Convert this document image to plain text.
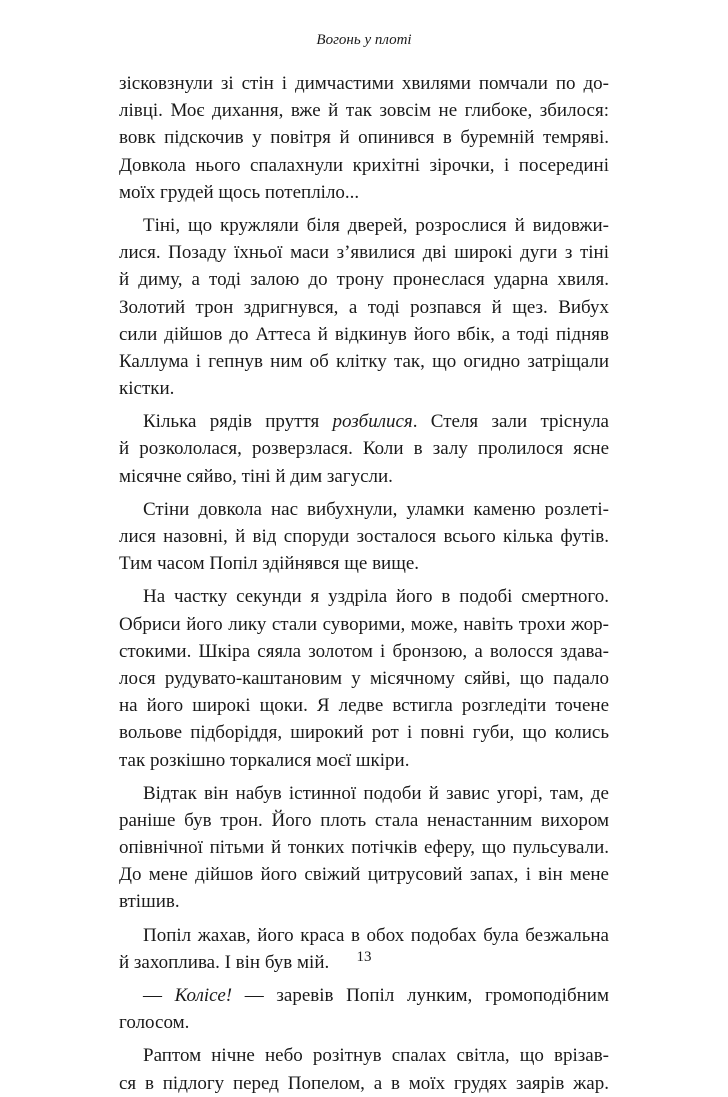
Вогонь у плоті
зісковзнули зі стін і димчастими хвилями помчали по до-
лівці. Моє дихання, вже й так зовсім не глибоке, збилося:
вовк підскочив у повітря й опинився в буремній темряві.
Довкола нього спалахнули крихітні зірочки, і посередині
моїх грудей щось потепліло...
Тіні, що кружляли біля дверей, розрослися й видовжи-
лися. Позаду їхньої маси з’явилися дві широкі дуги з тіні
й диму, а тоді залою до трону пронеслася ударна хвиля.
Золотий трон здригнувся, а тоді розпався й щез. Вибух
сили дійшов до Аттеса й відкинув його вбік, а тоді підняв
Каллума і гепнув ним об клітку так, що огидно затріщали
кістки.
Кілька рядів пруття розбилися. Стеля зали тріснула
й розкололася, розверзлася. Коли в залу пролилося ясне
місячне сяйво, тіні й дим загусли.
Стіни довкола нас вибухнули, уламки каменю розлеті-
лися назовні, й від споруди зосталося всього кілька футів.
Тим часом Попіл здійнявся ще вище.
На частку секунди я уздріла його в подобі смертного.
Обриси його лику стали суворими, може, навіть трохи жор-
стокими. Шкіра сяяла золотом і бронзою, а волосся здава-
лося рудувато-каштановим у місячному сяйві, що падало
на його широкі щоки. Я ледве встигла розгледіти точене
вольове підборіддя, широкий рот і повні губи, що колись
так розкішно торкалися моєї шкіри.
Відтак він набув істинної подоби й завис угорі, там, де
раніше був трон. Його плоть стала ненастанним вихором
опівнічної пітьми й тонких потічків еферу, що пульсували.
До мене дійшов його свіжий цитрусовий запах, і він мене
втішив.
Попіл жахав, його краса в обох подобах була безжальна
й захоплива. І він був мій.
— Колісе! — заревів Попіл лунким, громоподібним
голосом.
Раптом нічне небо розітнув спалах світла, що врізав-
ся в підлогу перед Попелом, а в моїх грудях заярів жар.
13
